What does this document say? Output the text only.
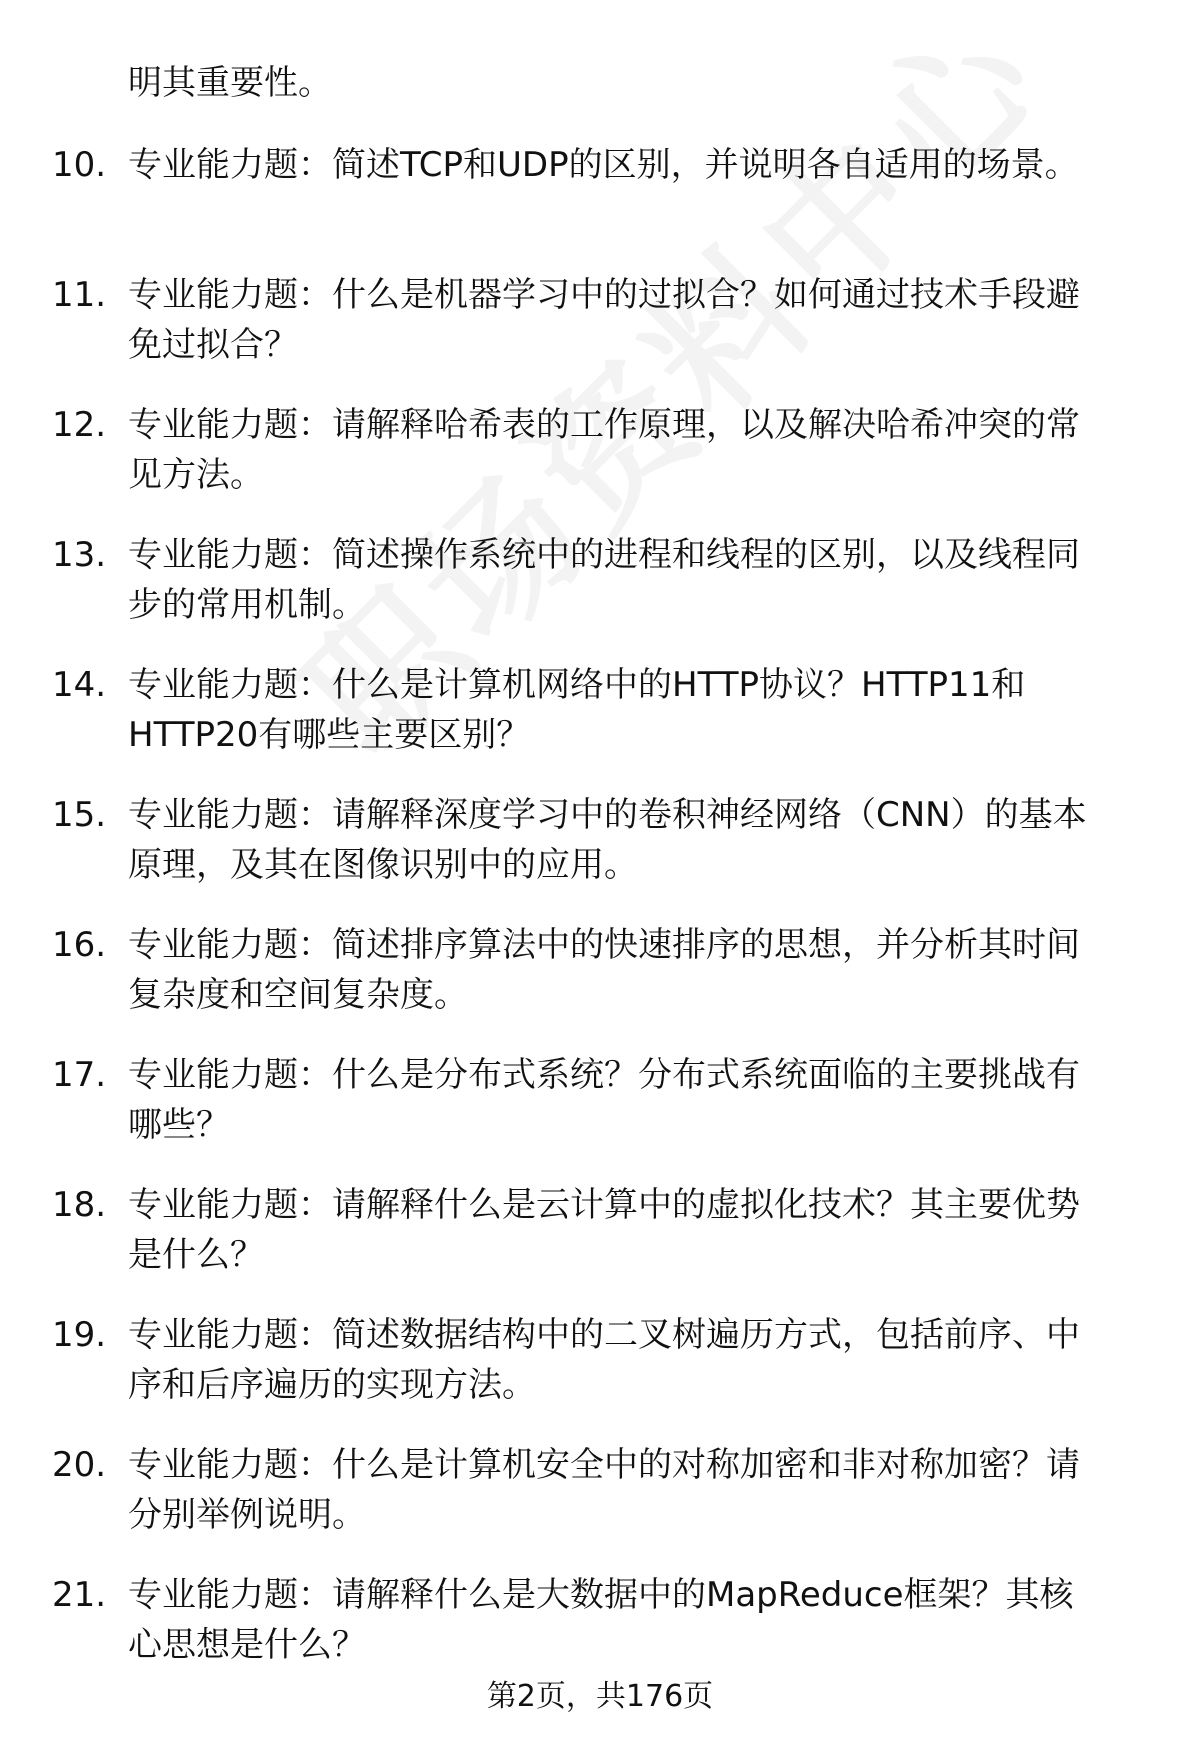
明其重要性。

10. 专业能力题：简述TCP和UDP的区别，并说明各自适用的场景。
11. 专业能力题：什么是机器学习中的过拟合？如何通过技术手段避
免过拟合？
12. 专业能力题：请解释哈希表的工作原理，以及解决哈希冲突的常
见方法。
13. 专业能力题：简述操作系统中的进程和线程的区别，以及线程同
步的常用机制。
14. 专业能力题：什么是计算机网络中的HTTP协议？HTTP11和
HTTP20有哪些主要区别？
15. 专业能力题：请解释深度学习中的卷积神经网络（CNN）的基本
原理，及其在图像识别中的应用。
16. 专业能力题：简述排序算法中的快速排序的思想，并分析其时间
复杂度和空间复杂度。
17. 专业能力题：什么是分布式系统？分布式系统面临的主要挑战有
哪些？
18. 专业能力题：请解释什么是云计算中的虚拟化技术？其主要优势
是什么？
19. 专业能力题：简述数据结构中的二叉树遍历方式，包括前序、中
序和后序遍历的实现方法。
20. 专业能力题：什么是计算机安全中的对称加密和非对称加密？请
分别举例说明。
21. 专业能力题：请解释什么是大数据中的MapReduce框架？其核
心思想是什么？
第2页，共176页
